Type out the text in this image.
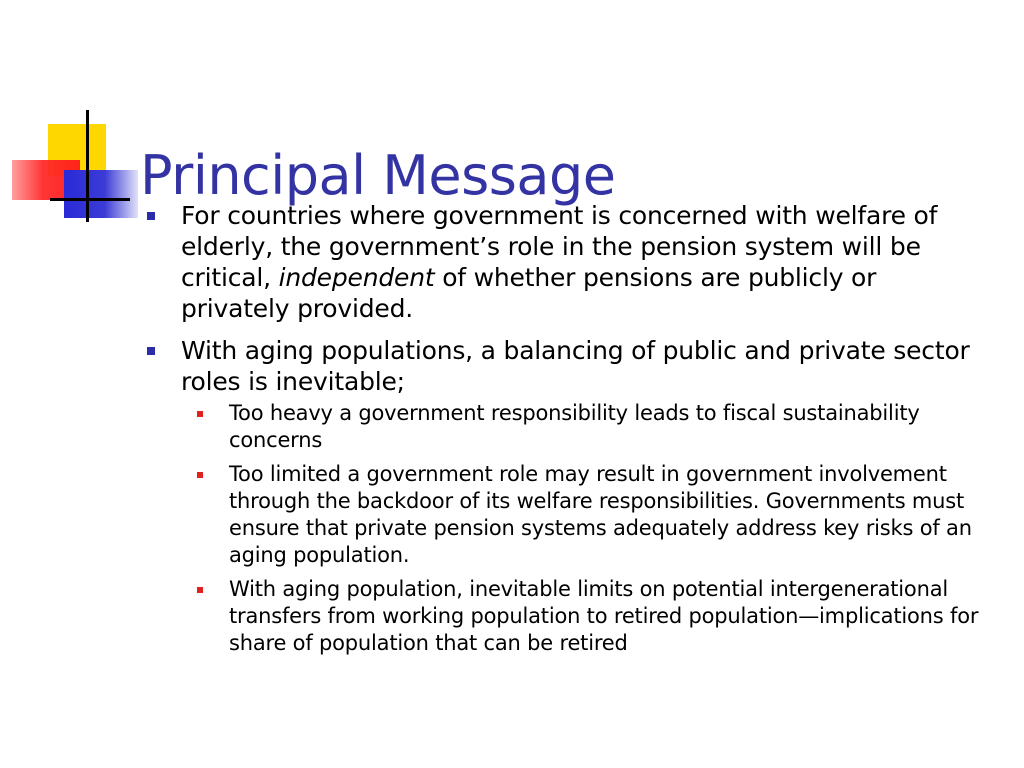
Principal Message
For countries where government is concerned with welfare of elderly, the government’s role in the pension system will be critical, independent of whether pensions are publicly or privately provided.
With aging populations, a balancing of public and private sector roles is inevitable;
Too heavy a government responsibility leads to fiscal sustainability concerns
Too limited a government role may result in government involvement through the backdoor of its welfare responsibilities. Governments must ensure that private pension systems adequately address key risks of an aging population.
With aging population, inevitable limits on potential intergenerational transfers from working population to retired population—implications for share of population that can be retired
